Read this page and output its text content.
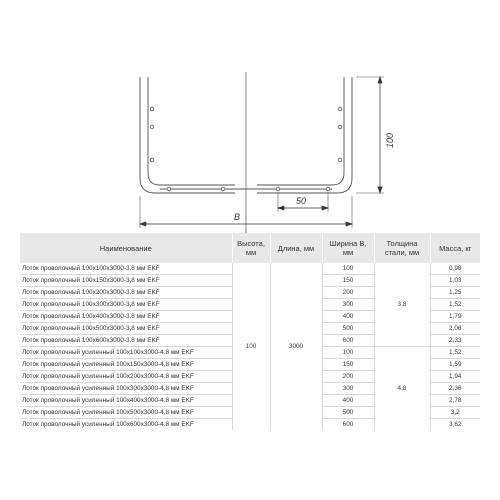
B
50
100
Наименование	Высота, мм	Длина, мм	Ширина B, мм	Толщина стали, мм	Масса, кг
Лоток проволочный 100х100х3000-3,8 мм EKF	100	3000	100	3,8	0,98
Лоток проволочный 100х150х3000-3,8 мм EKF			150		1,03
Лоток проволочный 100х200х3000-3,8 мм EKF			200		1,25
Лоток проволочный 100х300х3000-3,8 мм EKF			300		1,52
Лоток проволочный 100х400х3000-3,8 мм EKF			400		1,79
Лоток проволочный 100х500х3000-3,8 мм EKF			500		2,06
Лоток проволочный 100х600х3000-3,8 мм EKF			600		2,33
Лоток проволочный усиленный 100х100х3000-4,8 мм EKF			100	4,8	1,52
Лоток проволочный усиленный 100х150х3000-4,8 мм EKF			150		1,59
Лоток проволочный усиленный 100х200х3000-4,8 мм EKF			200		1,94
Лоток проволочный усиленный 100х300х3000-4,8 мм EKF			300		2,36
Лоток проволочный усиленный 100х400х3000-4,8 мм EKF			400		2,78
Лоток проволочный усиленный 100х500х3000-4,8 мм EKF			500		3,2
Лоток проволочный усиленный 100х600х3000-4,8 мм EKF			600		3,62
